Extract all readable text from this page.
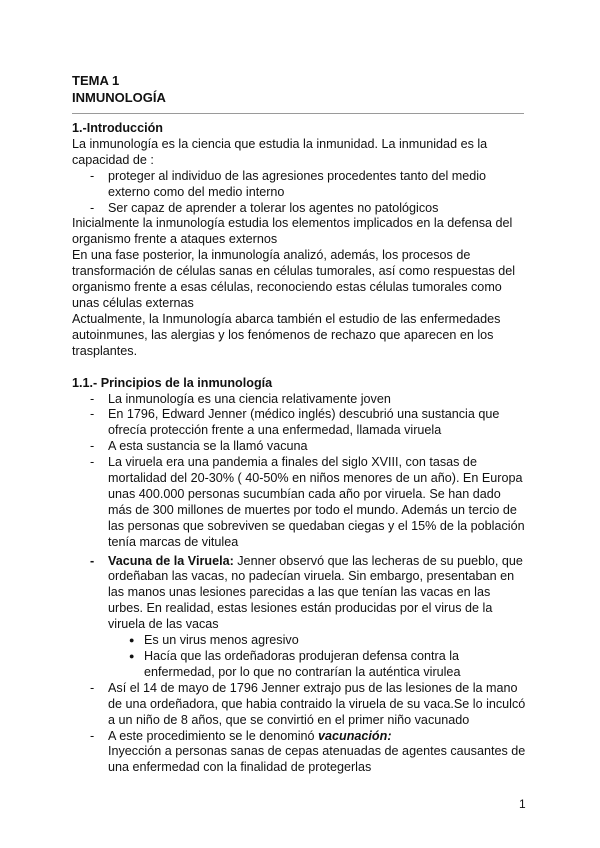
TEMA 1
INMUNOLOGÍA
1.-Introducción
La inmunología es la ciencia que estudia la inmunidad. La inmunidad es la capacidad de :
- proteger al individuo de las agresiones procedentes tanto del medio externo como del medio interno
- Ser capaz de aprender a tolerar los agentes no patológicos
Inicialmente la inmunología estudia los elementos implicados en la defensa del organismo frente a ataques externos
En una fase posterior, la inmunología analizó, además, los procesos de transformación de células sanas en células tumorales, así como respuestas del organismo frente a esas células, reconociendo estas células tumorales como unas células externas
Actualmente, la Inmunología abarca también el estudio de las enfermedades autoinmunes, las alergias y los fenómenos de rechazo que aparecen en los trasplantes.
1.1.- Principios de la inmunología
- La inmunología es una ciencia relativamente joven
- En 1796, Edward Jenner (médico inglés) descubrió una sustancia que ofrecía protección frente a una enfermedad, llamada viruela
- A esta sustancia se la llamó vacuna
- La viruela era una pandemia a finales del siglo XVIII, con tasas de mortalidad del 20-30% ( 40-50% en niños menores de un año). En Europa unas 400.000 personas sucumbían cada año por viruela. Se han dado más de 300 millones de muertes por todo el mundo. Además un tercio de las personas que sobreviven se quedaban ciegas y el 15% de la población tenía marcas de vitulea
- Vacuna de la Viruela: Jenner observó que las lecheras de su pueblo, que ordeñaban las vacas, no padecían viruela. Sin embargo, presentaban en las manos unas lesiones parecidas a las que tenían las vacas en las urbes. En realidad, estas lesiones están producidas por el virus de la viruela de las vacas
● Es un virus menos agresivo
● Hacía que las ordeñadoras produjeran defensa contra la enfermedad, por lo que no contrarían la auténtica virulea
- Así el 14 de mayo de 1796 Jenner extrajo pus de las lesiones de la mano de una ordeñadora, que habia contraido la viruela de su vaca.Se lo inculcó a un niño de 8 años, que se convirtió en el primer niño vacunado
- A este procedimiento se le denominó vacunación:
Inyección a personas sanas de cepas atenuadas de agentes causantes de una enfermedad con la finalidad de protegerlas
1
